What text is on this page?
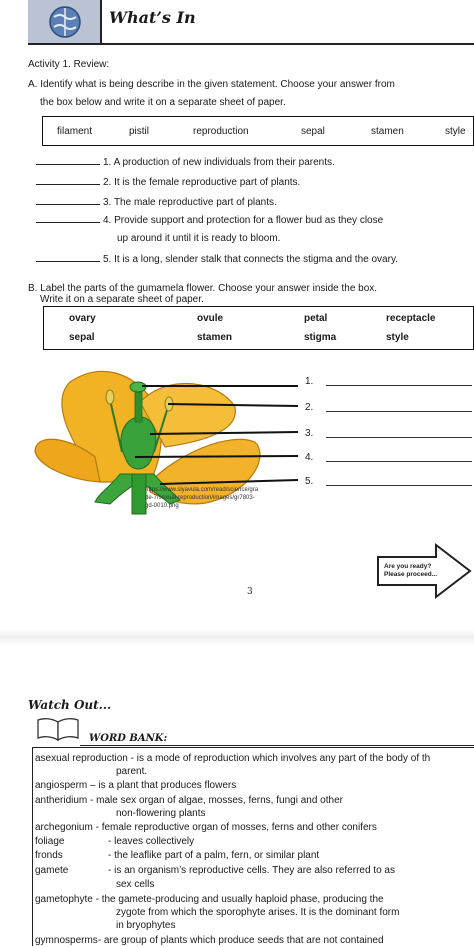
What’s In
Activity 1. Review:
A. Identify what is being describe in the given statement. Choose your answer from
the box below and write it on a separate sheet of paper.
filament	pistil	reproduction	sepal	stamen	style
1. A production of new individuals from their parents.
2. It is the female reproductive part of plants.
3. The male reproductive part of plants.
4. Provide support and protection for a flower bud as they close
up around it until it is ready to bloom.
5. It is a long, slender stalk that connects the stigma and the ovary.
B. Label the parts of the gumamela flower. Choose your answer inside the box.
Write it on a separate sheet of paper.
ovary	ovule	petal	receptacle
sepal	stamen	stigma	style
1.
2.
3.
4.
5.
https://www.siyavula.com/read/science/gra
de-7/sexual-reproduction/images/gr7803-
gd-0010.png
Are you ready?
Please proceed...
3
Watch Out...
WORD BANK:
asexual reproduction - is a mode of reproduction which involves any part of the body of th
parent.
angiosperm – is a plant that produces flowers
antheridium - male sex organ of algae, mosses, ferns, fungi and other
non-flowering plants
archegonium - female reproductive organ of mosses, ferns and other conifers
foliage	- leaves collectively
fronds	- the leaflike part of a palm, fern, or similar plant
gamete	- is an organism’s reproductive cells. They are also referred to as
sex cells
gametophyte - the gamete-producing and usually haploid phase, producing the
zygote from which the sporophyte arises. It is the dominant form
in bryophytes
gymnosperms- are group of plants which produce seeds that are not contained
